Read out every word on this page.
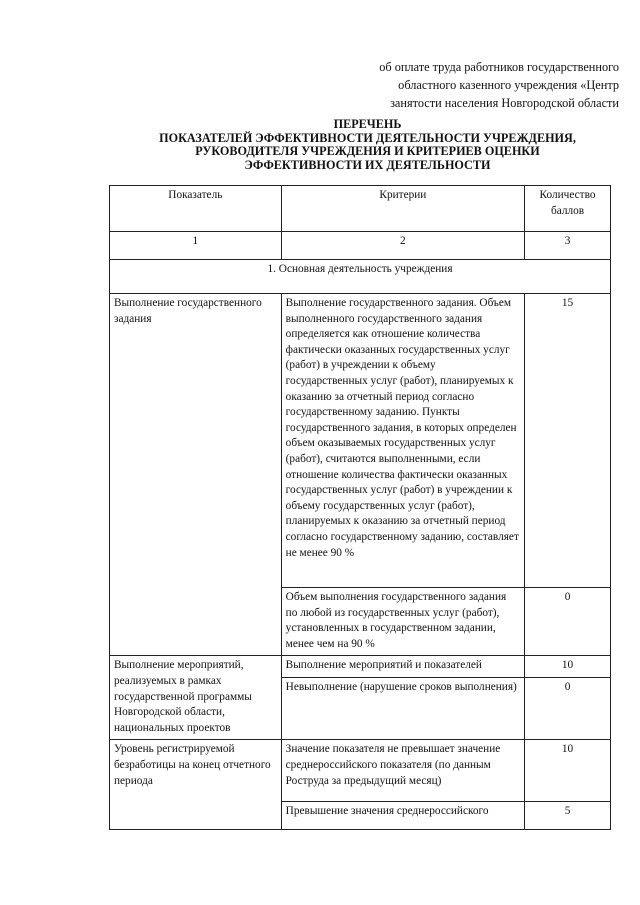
об оплате труда работников государственного
областного казенного учреждения «Центр
занятости населения Новгородской области
ПЕРЕЧЕНЬ
ПОКАЗАТЕЛЕЙ ЭФФЕКТИВНОСТИ ДЕЯТЕЛЬНОСТИ УЧРЕЖДЕНИЯ,
РУКОВОДИТЕЛЯ УЧРЕЖДЕНИЯ И КРИТЕРИЕВ ОЦЕНКИ
ЭФФЕКТИВНОСТИ ИХ ДЕЯТЕЛЬНОСТИ
Показатель	Критерии	Количество баллов
1	2	3
1. Основная деятельность учреждения		
Выполнение государственного задания	Выполнение государственного задания. Объем выполненного государственного задания определяется как отношение количества фактически оказанных государственных услуг (работ) в учреждении к объему государственных услуг (работ), планируемых к оказанию за отчетный период согласно государственному заданию. Пункты государственного задания, в которых определен объем оказываемых государственных услуг (работ), считаются выполненными, если отношение количества фактически оказанных государственных услуг (работ) в учреждении к объему государственных услуг (работ), планируемых к оказанию за отчетный период согласно государственному заданию, составляет не менее 90 %	15
	Объем выполнения государственного задания по любой из государственных услуг (работ), установленных в государственном задании, менее чем на 90 %	0
Выполнение мероприятий, реализуемых в рамках государственной программы Новгородской области, национальных проектов	Выполнение мероприятий и показателей	10
	Невыполнение (нарушение сроков выполнения)	0
Уровень регистрируемой безработицы на конец отчетного периода	Значение показателя не превышает значение среднероссийского показателя (по данным Роструда за предыдущий месяц)	10
	Превышение значения среднероссийского	5
